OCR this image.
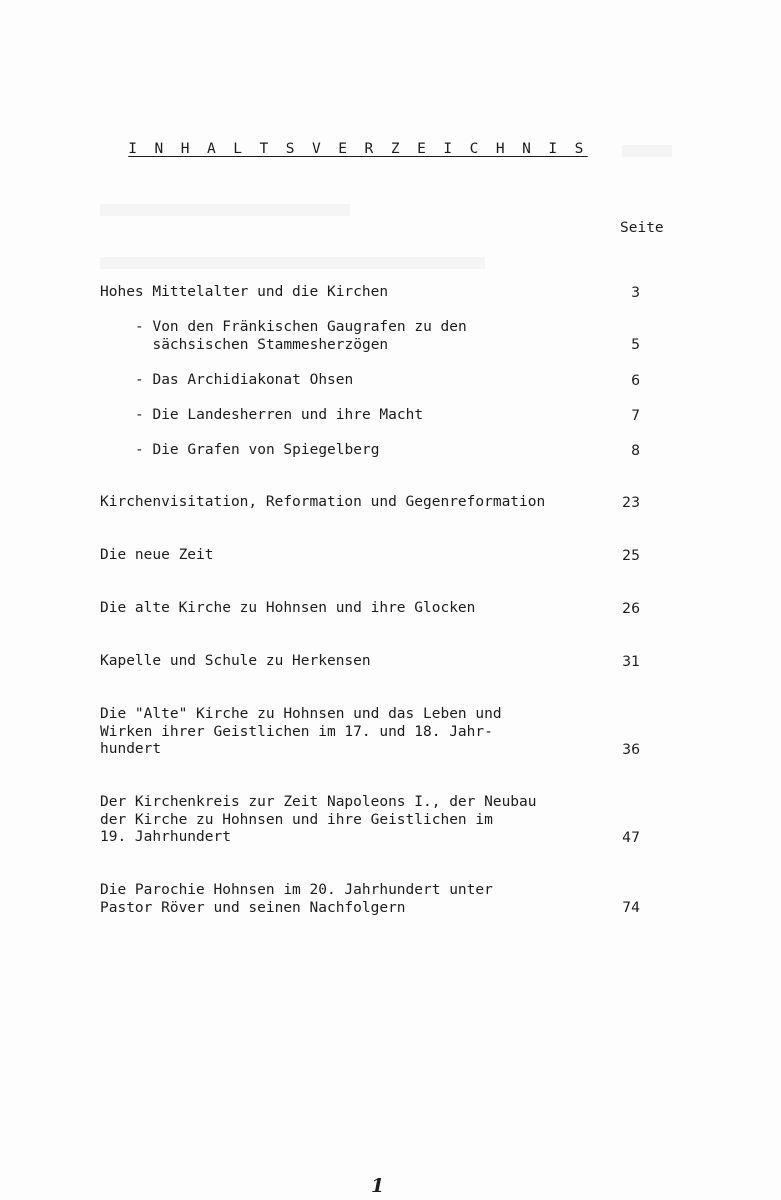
I N H A L T S V E R Z E I C H N I S
Seite
Hohes Mittelalter und die Kirchen	3
- Von den Fränkischen Gaugrafen zu den
sächsischen Stammesherzögen	5
- Das Archidiakonat Ohsen	6
- Die Landesherren und ihre Macht	7
- Die Grafen von Spiegelberg	8
Kirchenvisitation, Reformation und Gegenreformation	23
Die neue Zeit	25
Die alte Kirche zu Hohnsen und ihre Glocken	26
Kapelle und Schule zu Herkensen	31
Die "Alte" Kirche zu Hohnsen und das Leben und
Wirken ihrer Geistlichen im 17. und 18. Jahr-
hundert	36
Der Kirchenkreis zur Zeit Napoleons I., der Neubau
der Kirche zu Hohnsen und ihre Geistlichen im
19. Jahrhundert	47
Die Parochie Hohnsen im 20. Jahrhundert unter
Pastor Röver und seinen Nachfolgern	74
1
